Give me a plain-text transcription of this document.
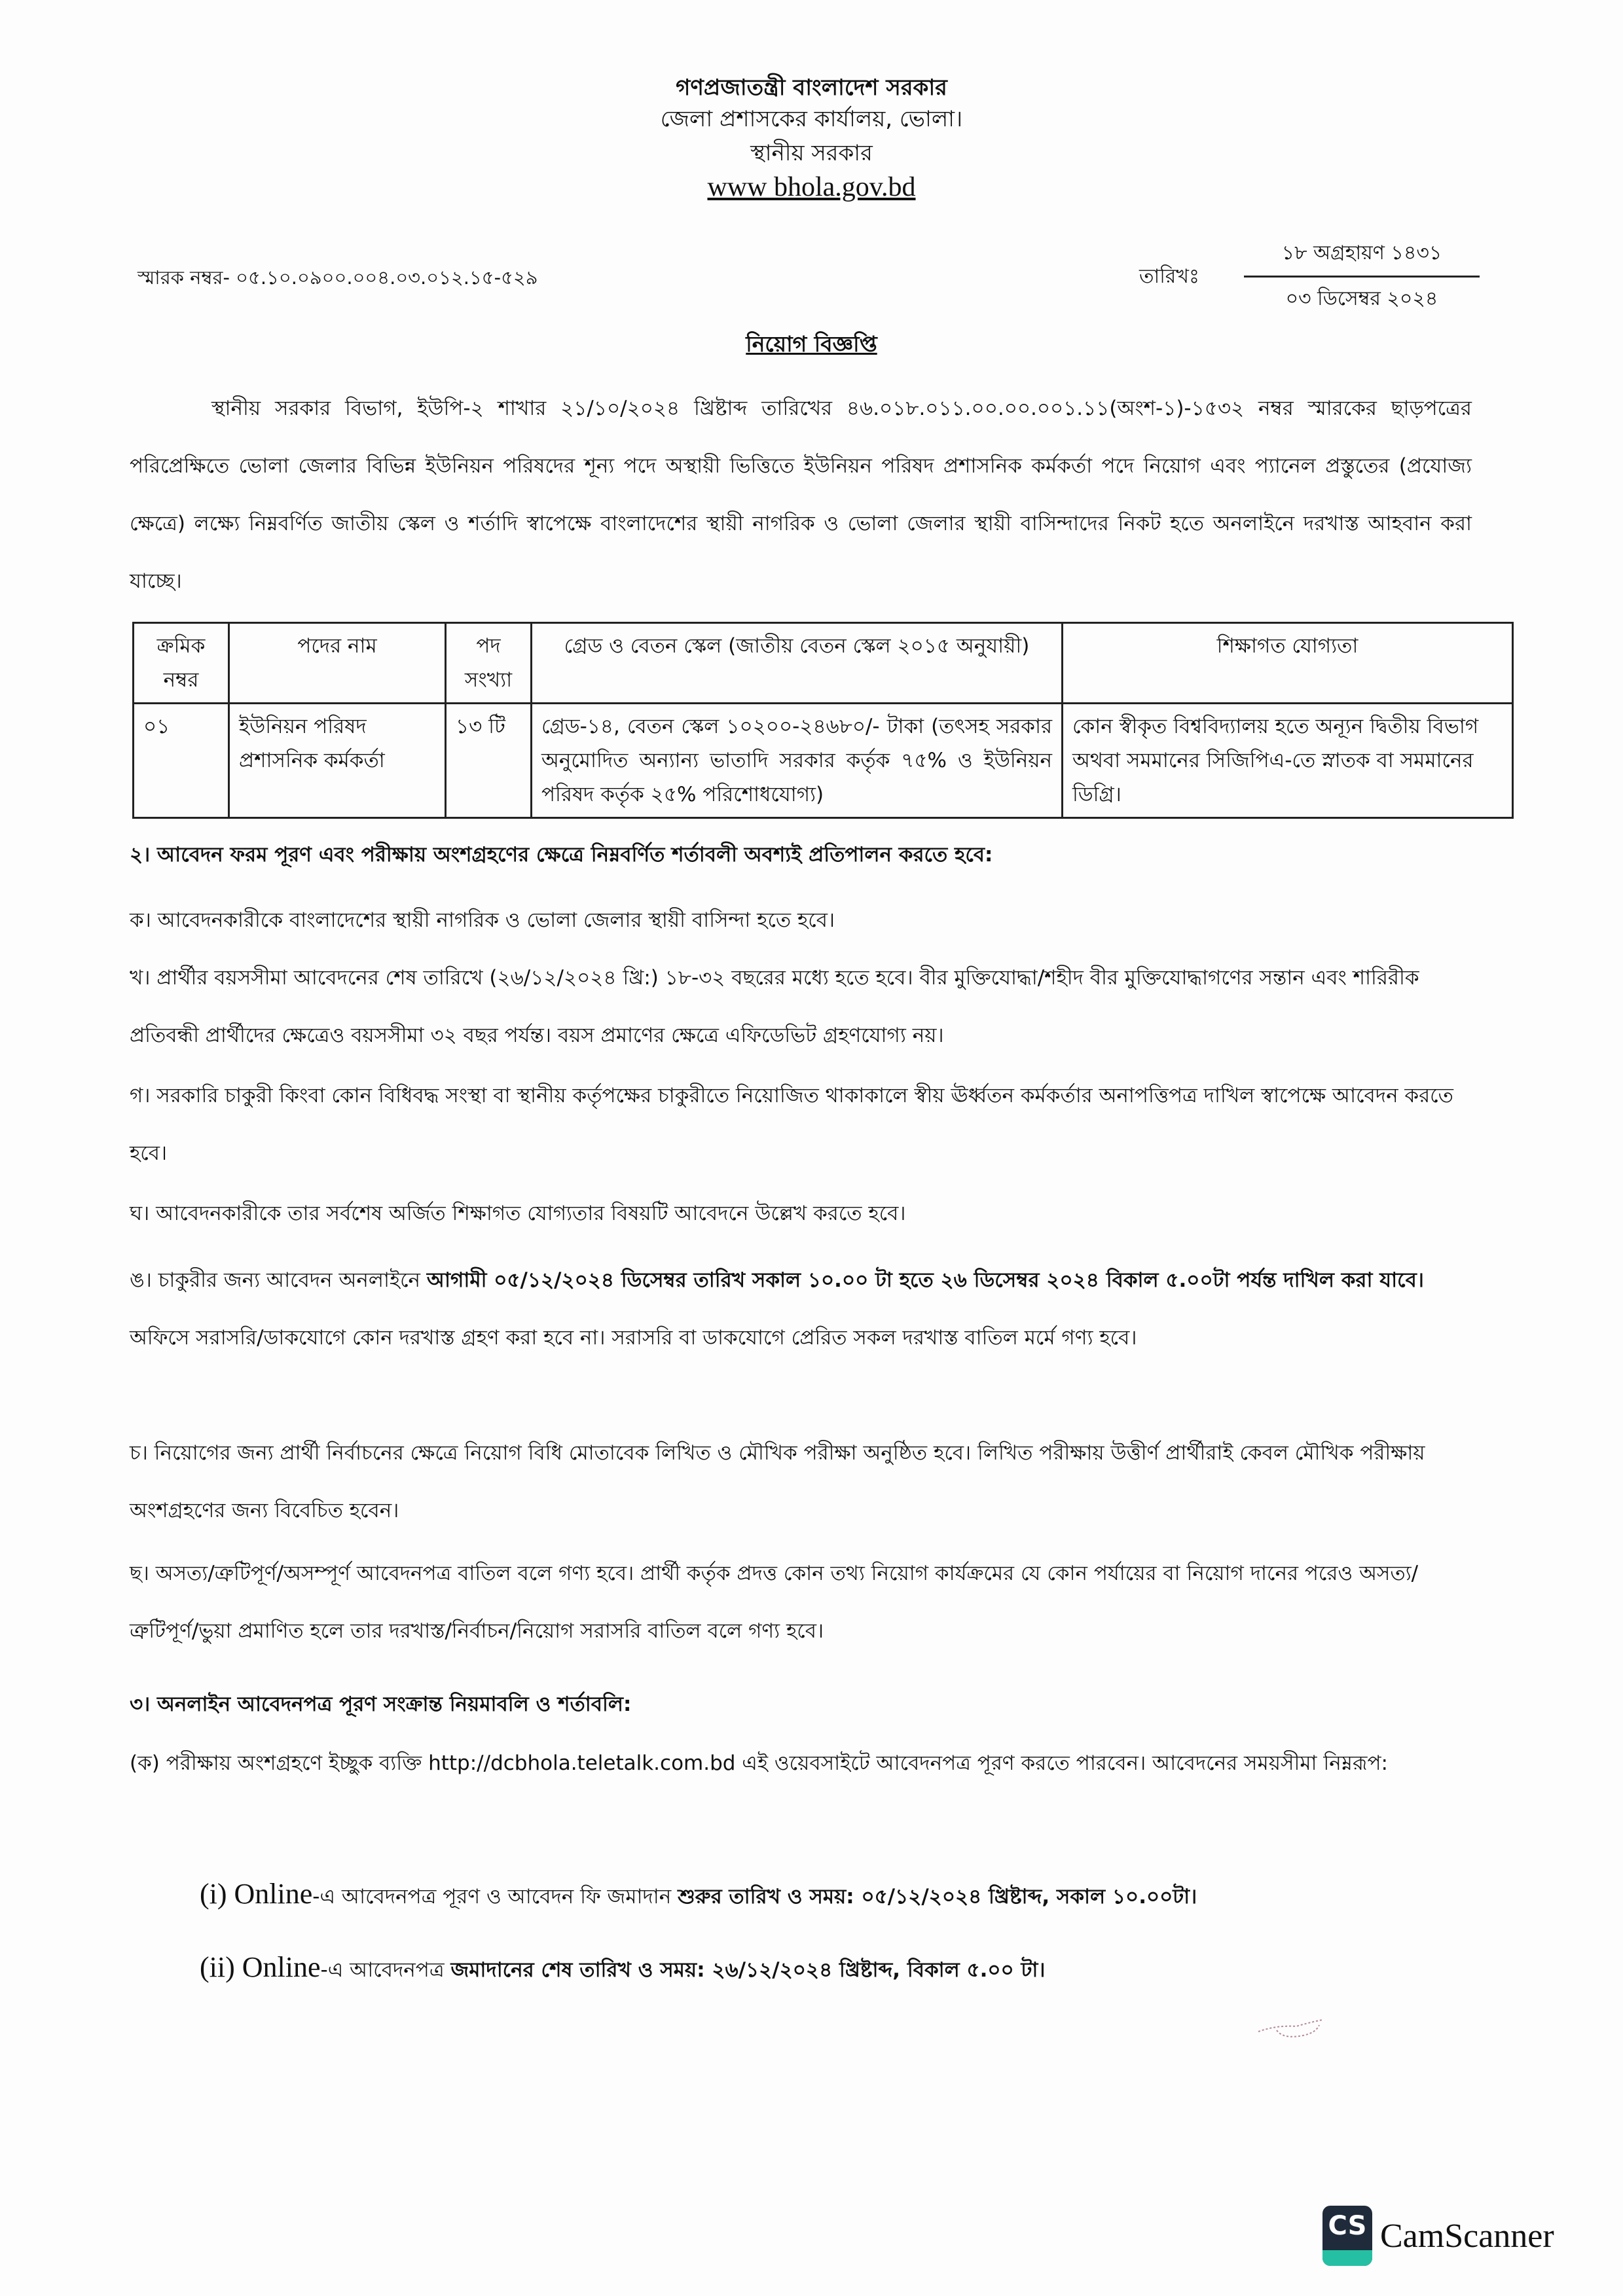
গণপ্রজাতন্ত্রী বাংলাদেশ সরকার
জেলা প্রশাসকের কার্যালয়, ভোলা।
স্থানীয় সরকার
www bhola.gov.bd
স্মারক নম্বর- ০৫.১০.০৯০০.০০৪.০৩.০১২.১৫-৫২৯	তারিখঃ
১৮ অগ্রহায়ণ ১৪৩১
০৩ ডিসেম্বর ২০২৪
নিয়োগ বিজ্ঞপ্তি
স্থানীয় সরকার বিভাগ, ইউপি-২ শাখার ২১/১০/২০২৪ খ্রিষ্টাব্দ তারিখের ৪৬.০১৮.০১১.০০.০০.০০১.১১(অংশ-১)-১৫৩২ নম্বর স্মারকের ছাড়পত্রের পরিপ্রেক্ষিতে ভোলা জেলার বিভিন্ন ইউনিয়ন পরিষদের শূন্য পদে অস্থায়ী ভিত্তিতে ইউনিয়ন পরিষদ প্রশাসনিক কর্মকর্তা পদে নিয়োগ এবং প্যানেল প্রস্তুতের (প্রযোজ্য ক্ষেত্রে) লক্ষ্যে নিম্নবর্ণিত জাতীয় স্কেল ও শর্তাদি স্বাপেক্ষে বাংলাদেশের স্থায়ী নাগরিক ও ভোলা জেলার স্থায়ী বাসিন্দাদের নিকট হতে অনলাইনে দরখাস্ত আহবান করা যাচ্ছে।
ক্রমিক নম্বর	পদের নাম	পদ সংখ্যা	গ্রেড ও বেতন স্কেল (জাতীয় বেতন স্কেল ২০১৫ অনুযায়ী)	শিক্ষাগত যোগ্যতা
০১	ইউনিয়ন পরিষদ প্রশাসনিক কর্মকর্তা	১৩ টি	গ্রেড-১৪, বেতন স্কেল ১০২০০-২৪৬৮০/- টাকা (তৎসহ সরকার অনুমোদিত অন্যান্য ভাতাদি সরকার কর্তৃক ৭৫% ও ইউনিয়ন পরিষদ কর্তৃক ২৫% পরিশোধযোগ্য)	কোন স্বীকৃত বিশ্ববিদ্যালয় হতে অন্যূন দ্বিতীয় বিভাগ অথবা সমমানের সিজিপিএ-তে স্নাতক বা সমমানের ডিগ্রি।
২। আবেদন ফরম পূরণ এবং পরীক্ষায় অংশগ্রহণের ক্ষেত্রে নিম্নবর্ণিত শর্তাবলী অবশ্যই প্রতিপালন করতে হবে:
ক। আবেদনকারীকে বাংলাদেশের স্থায়ী নাগরিক ও ভোলা জেলার স্থায়ী বাসিন্দা হতে হবে।
খ। প্রার্থীর বয়সসীমা আবেদনের শেষ তারিখে (২৬/১২/২০২৪ খ্রি:) ১৮-৩২ বছরের মধ্যে হতে হবে। বীর মুক্তিযোদ্ধা/শহীদ বীর মুক্তিযোদ্ধাগণের সন্তান এবং শারিরীক প্রতিবন্ধী প্রার্থীদের ক্ষেত্রেও বয়সসীমা ৩২ বছর পর্যন্ত। বয়স প্রমাণের ক্ষেত্রে এফিডেভিট গ্রহণযোগ্য নয়।
গ। সরকারি চাকুরী কিংবা কোন বিধিবদ্ধ সংস্থা বা স্থানীয় কর্তৃপক্ষের চাকুরীতে নিয়োজিত থাকাকালে স্বীয় ঊর্ধ্বতন কর্মকর্তার অনাপত্তিপত্র দাখিল স্বাপেক্ষে আবেদন করতে হবে।
ঘ। আবেদনকারীকে তার সর্বশেষ অর্জিত শিক্ষাগত যোগ্যতার বিষয়টি আবেদনে উল্লেখ করতে হবে।
ঙ। চাকুরীর জন্য আবেদন অনলাইনে আগামী ০৫/১২/২০২৪ ডিসেম্বর তারিখ সকাল ১০.০০ টা হতে ২৬ ডিসেম্বর ২০২৪ বিকাল ৫.০০টা পর্যন্ত দাখিল করা যাবে। অফিসে সরাসরি/ডাকযোগে কোন দরখাস্ত গ্রহণ করা হবে না। সরাসরি বা ডাকযোগে প্রেরিত সকল দরখাস্ত বাতিল মর্মে গণ্য হবে।
চ। নিয়োগের জন্য প্রার্থী নির্বাচনের ক্ষেত্রে নিয়োগ বিধি মোতাবেক লিখিত ও মৌখিক পরীক্ষা অনুষ্ঠিত হবে। লিখিত পরীক্ষায় উত্তীর্ণ প্রার্থীরাই কেবল মৌখিক পরীক্ষায় অংশগ্রহণের জন্য বিবেচিত হবেন।
ছ। অসত্য/ত্রুটিপূর্ণ/অসম্পূর্ণ আবেদনপত্র বাতিল বলে গণ্য হবে। প্রার্থী কর্তৃক প্রদত্ত কোন তথ্য নিয়োগ কার্যক্রমের যে কোন পর্যায়ের বা নিয়োগ দানের পরেও অসত্য/ত্রুটিপূর্ণ/ভুয়া প্রমাণিত হলে তার দরখাস্ত/নির্বাচন/নিয়োগ সরাসরি বাতিল বলে গণ্য হবে।
৩। অনলাইন আবেদনপত্র পূরণ সংক্রান্ত নিয়মাবলি ও শর্তাবলি:
(ক) পরীক্ষায় অংশগ্রহণে ইচ্ছুক ব্যক্তি http://dcbhola.teletalk.com.bd এই ওয়েবসাইটে আবেদনপত্র পূরণ করতে পারবেন। আবেদনের সময়সীমা নিম্নরূপ:
(i) Online-এ আবেদনপত্র পূরণ ও আবেদন ফি জমাদান শুরুর তারিখ ও সময়: ০৫/১২/২০২৪ খ্রিষ্টাব্দ, সকাল ১০.০০টা।
(ii) Online-এ আবেদনপত্র জমাদানের শেষ তারিখ ও সময়: ২৬/১২/২০২৪ খ্রিষ্টাব্দ, বিকাল ৫.০০ টা।
CS CamScanner
